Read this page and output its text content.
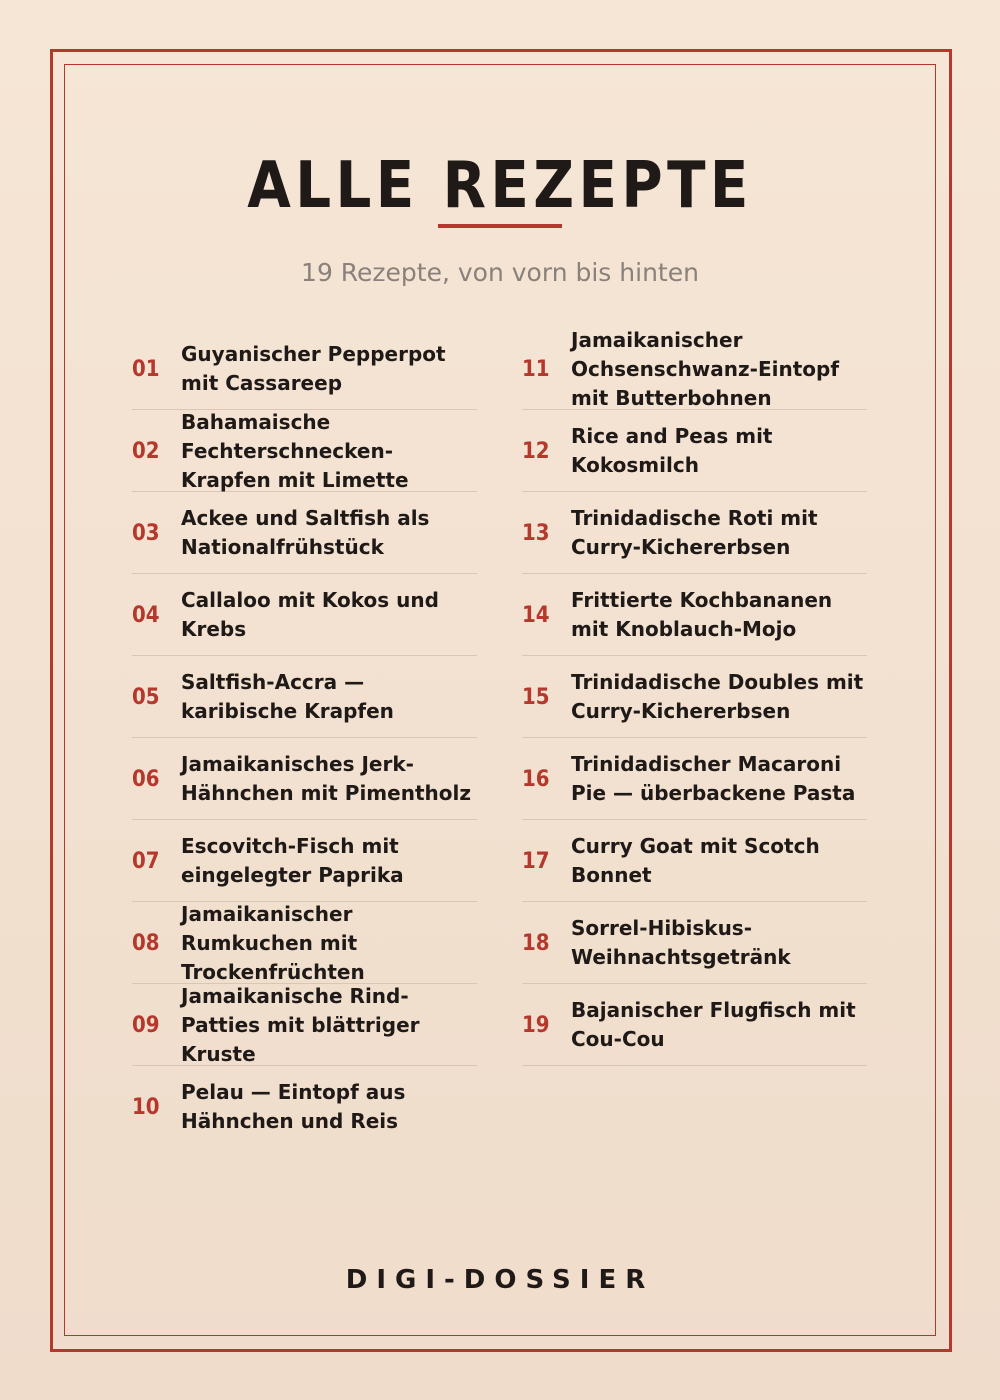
ALLE REZEPTE
19 Rezepte, von vorn bis hinten
01
Guyanischer Pepperpot mit Cassareep
02
Bahamaische Fechterschnecken-Krapfen mit Limette
03
Ackee und Saltfish als Nationalfrühstück
04
Callaloo mit Kokos und Krebs
05
Saltfish-Accra — karibische Krapfen
06
Jamaikanisches Jerk-Hähnchen mit Pimentholz
07
Escovitch-Fisch mit eingelegter Paprika
08
Jamaikanischer Rumkuchen mit Trockenfrüchten
09
Jamaikanische Rind-Patties mit blättriger Kruste
10
Pelau — Eintopf aus Hähnchen und Reis
11
Jamaikanischer Ochsenschwanz-Eintopf mit Butterbohnen
12
Rice and Peas mit Kokosmilch
13
Trinidadische Roti mit Curry-Kichererbsen
14
Frittierte Kochbananen mit Knoblauch-Mojo
15
Trinidadische Doubles mit Curry-Kichererbsen
16
Trinidadischer Macaroni Pie — überbackene Pasta
17
Curry Goat mit Scotch Bonnet
18
Sorrel-Hibiskus-Weihnachtsgetränk
19
Bajanischer Flugfisch mit Cou-Cou
DIGI-DOSSIER
